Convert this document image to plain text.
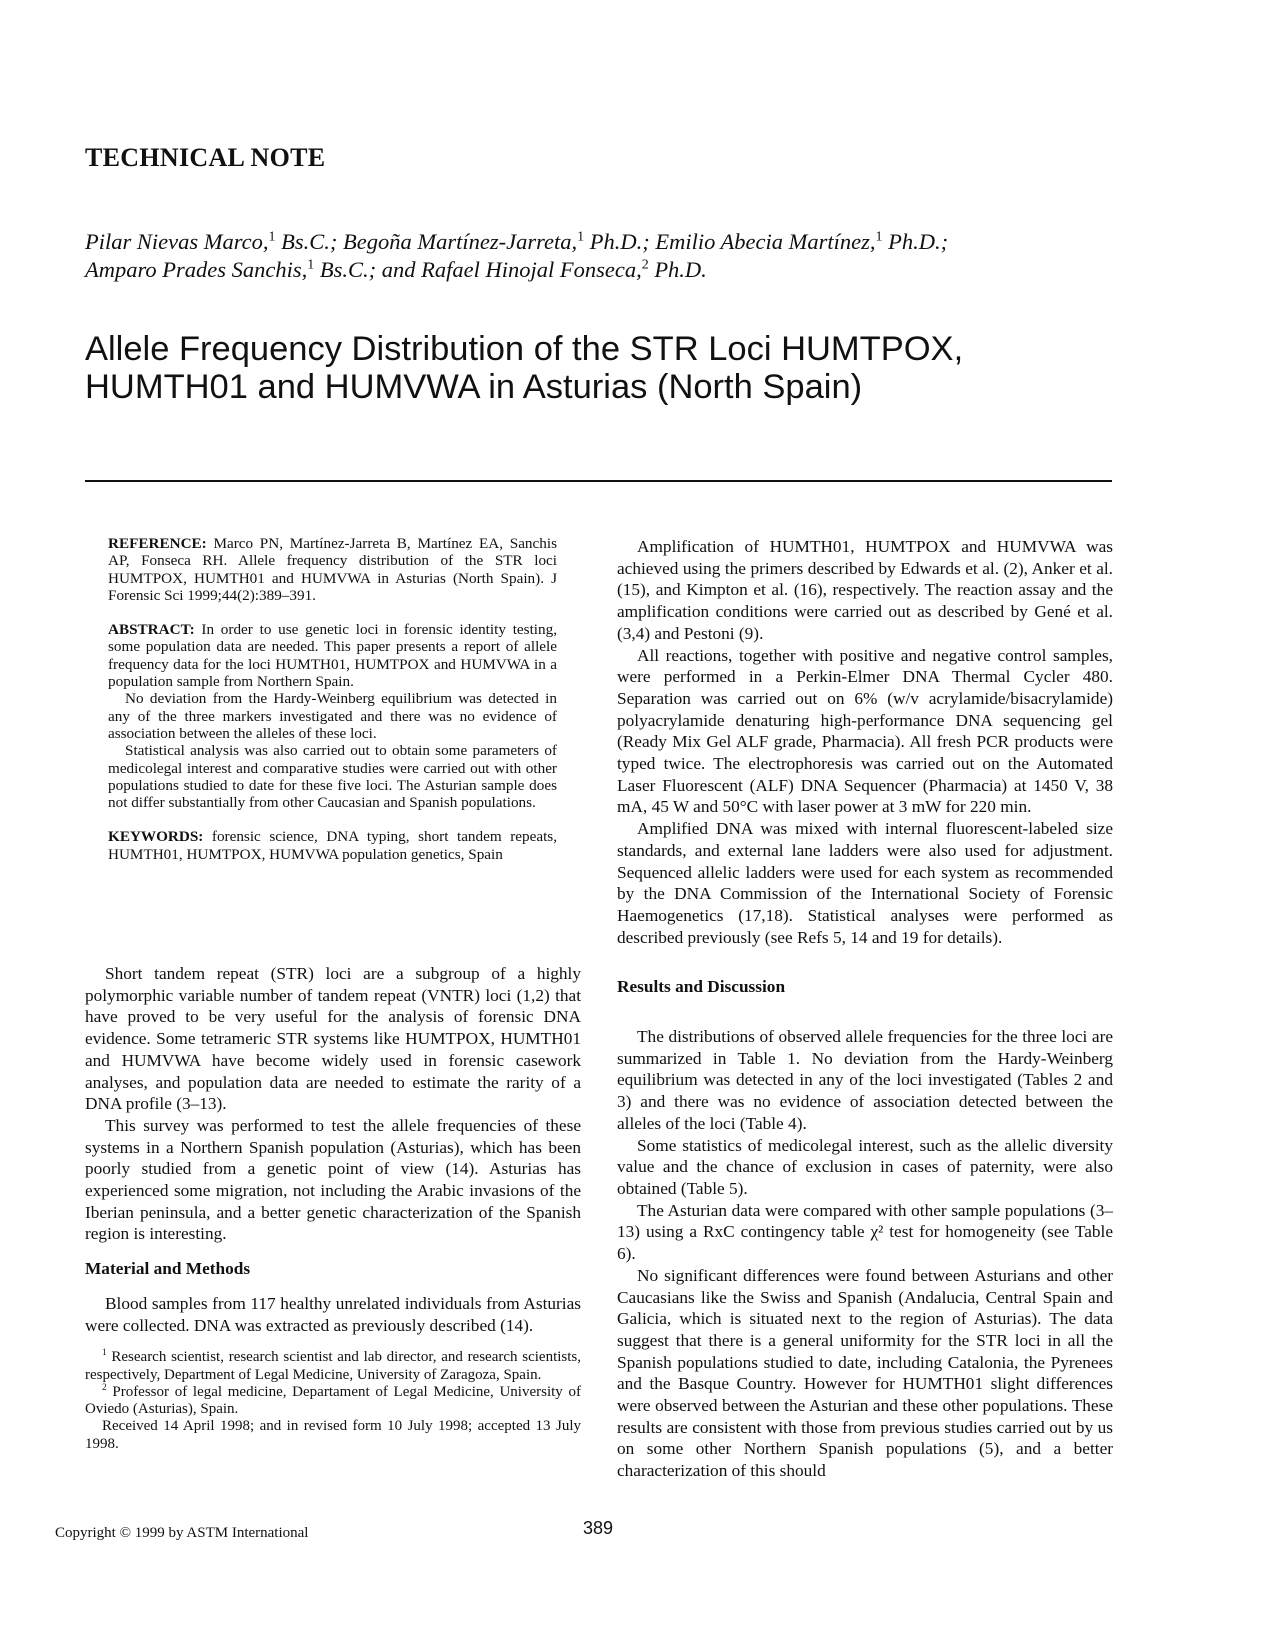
TECHNICAL NOTE
Pilar Nievas Marco,$^1$ Bs.C.; Begoña Martínez-Jarreta,$^1$ Ph.D.; Emilio Abecia Martínez,$^1$ Ph.D.;
Amparo Prades Sanchis,$^1$ Bs.C.; and Rafael Hinojal Fonseca,$^2$ Ph.D.
Allele Frequency Distribution of the STR Loci HUMTPOX,
HUMTH01 and HUMVWA in Asturias (North Spain)

REFERENCE: Marco PN, Martínez-Jarreta B, Martínez EA, Sanchis AP, Fonseca RH. Allele frequency distribution of the STR loci HUMTPOX, HUMTH01 and HUMVWA in Asturias (North Spain). J Forensic Sci 1999;44(2):389–391.

ABSTRACT: In order to use genetic loci in forensic identity testing, some population data are needed. This paper presents a report of allele frequency data for the loci HUMTH01, HUMTPOX and HUMVWA in a population sample from Northern Spain.

No deviation from the Hardy-Weinberg equilibrium was detected in any of the three markers investigated and there was no evidence of association between the alleles of these loci.

Statistical analysis was also carried out to obtain some parameters of medicolegal interest and comparative studies were carried out with other populations studied to date for these five loci. The Asturian sample does not differ substantially from other Caucasian and Spanish populations.

KEYWORDS: forensic science, DNA typing, short tandem repeats, HUMTH01, HUMTPOX, HUMVWA population genetics, Spain

Short tandem repeat (STR) loci are a subgroup of a highly polymorphic variable number of tandem repeat (VNTR) loci (1,2) that have proved to be very useful for the analysis of forensic DNA evidence. Some tetrameric STR systems like HUMTPOX, HUMTH01 and HUMVWA have become widely used in forensic casework analyses, and population data are needed to estimate the rarity of a DNA profile (3–13).

This survey was performed to test the allele frequencies of these systems in a Northern Spanish population (Asturias), which has been poorly studied from a genetic point of view (14). Asturias has experienced some migration, not including the Arabic invasions of the Iberian peninsula, and a better genetic characterization of the Spanish region is interesting.

Material and Methods

Blood samples from 117 healthy unrelated individuals from Asturias were collected. DNA was extracted as previously described (14).

$^1$ Research scientist, research scientist and lab director, and research scientists, respectively, Department of Legal Medicine, University of Zaragoza, Spain.

$^2$ Professor of legal medicine, Departament of Legal Medicine, University of Oviedo (Asturias), Spain.

Received 14 April 1998; and in revised form 10 July 1998; accepted 13 July 1998.

Amplification of HUMTH01, HUMTPOX and HUMVWA was achieved using the primers described by Edwards et al. (2), Anker et al. (15), and Kimpton et al. (16), respectively. The reaction assay and the amplification conditions were carried out as described by Gené et al. (3,4) and Pestoni (9).

All reactions, together with positive and negative control samples, were performed in a Perkin-Elmer DNA Thermal Cycler 480. Separation was carried out on 6% (w/v acrylamide/bisacrylamide) polyacrylamide denaturing high-performance DNA sequencing gel (Ready Mix Gel ALF grade, Pharmacia). All fresh PCR products were typed twice. The electrophoresis was carried out on the Automated Laser Fluorescent (ALF) DNA Sequencer (Pharmacia) at 1450 V, 38 mA, 45 W and 50°C with laser power at 3 mW for 220 min.

Amplified DNA was mixed with internal fluorescent-labeled size standards, and external lane ladders were also used for adjustment. Sequenced allelic ladders were used for each system as recommended by the DNA Commission of the International Society of Forensic Haemogenetics (17,18). Statistical analyses were performed as described previously (see Refs 5, 14 and 19 for details).

Results and Discussion

The distributions of observed allele frequencies for the three loci are summarized in Table 1. No deviation from the Hardy-Weinberg equilibrium was detected in any of the loci investigated (Tables 2 and 3) and there was no evidence of association detected between the alleles of the loci (Table 4).

Some statistics of medicolegal interest, such as the allelic diversity value and the chance of exclusion in cases of paternity, were also obtained (Table 5).

The Asturian data were compared with other sample populations (3–13) using a RxC contingency table χ² test for homogeneity (see Table 6).

No significant differences were found between Asturians and other Caucasians like the Swiss and Spanish (Andalucia, Central Spain and Galicia, which is situated next to the region of Asturias). The data suggest that there is a general uniformity for the STR loci in all the Spanish populations studied to date, including Catalonia, the Pyrenees and the Basque Country. However for HUMTH01 slight differences were observed between the Asturian and these other populations. These results are consistent with those from previous studies carried out by us on some other Northern Spanish populations (5), and a better characterization of this should

Copyright © 1999 by ASTM International	389
